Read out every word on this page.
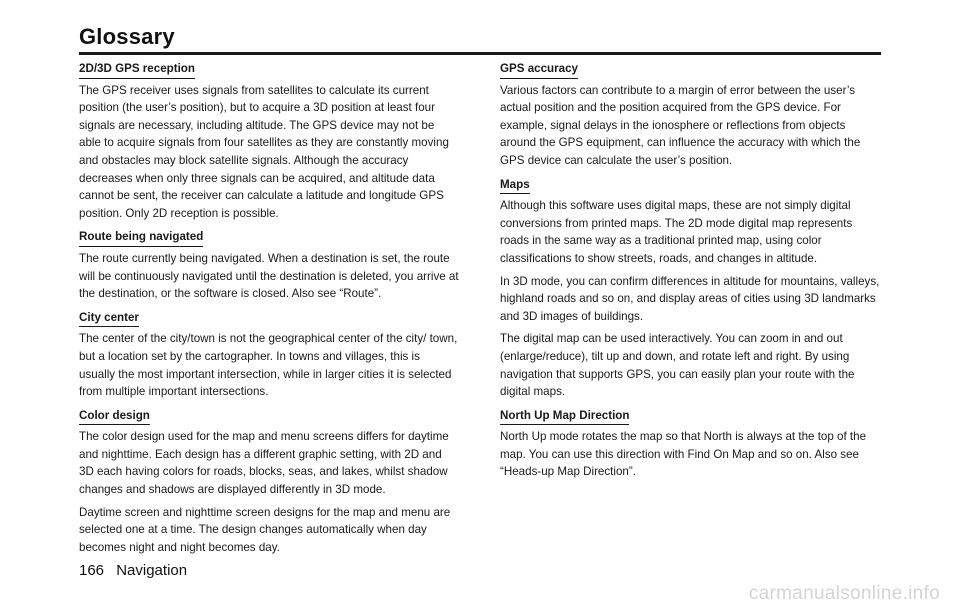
Glossary
2D/3D GPS reception

The GPS receiver uses signals from satellites to calculate its current position (the user’s position), but to acquire a 3D position at least four signals are necessary, including altitude. The GPS device may not be able to acquire signals from four satellites as they are constantly moving and obstacles may block satellite signals. Although the accuracy decreases when only three signals can be acquired, and altitude data cannot be sent, the receiver can calculate a latitude and longitude GPS position. Only 2D reception is possible.

Route being navigated

The route currently being navigated. When a destination is set, the route will be continuously navigated until the destination is deleted, you arrive at the destination, or the software is closed. Also see “Route”.

City center

The center of the city/town is not the geographical center of the city/ town, but a location set by the cartographer. In towns and villages, this is usually the most important intersection, while in larger cities it is selected from multiple important intersections.

Color design

The color design used for the map and menu screens differs for daytime and nighttime. Each design has a different graphic setting, with 2D and 3D each having colors for roads, blocks, seas, and lakes, whilst shadow changes and shadows are displayed differently in 3D mode.

Daytime screen and nighttime screen designs for the map and menu are selected one at a time. The design changes automatically when day becomes night and night becomes day.

GPS accuracy

Various factors can contribute to a margin of error between the user’s actual position and the position acquired from the GPS device. For example, signal delays in the ionosphere or reflections from objects around the GPS equipment, can influence the accuracy with which the GPS device can calculate the user’s position.

Maps

Although this software uses digital maps, these are not simply digital conversions from printed maps. The 2D mode digital map represents roads in the same way as a traditional printed map, using color classifications to show streets, roads, and changes in altitude.

In 3D mode, you can confirm differences in altitude for mountains, valleys, highland roads and so on, and display areas of cities using 3D landmarks and 3D images of buildings.

The digital map can be used interactively. You can zoom in and out (enlarge/reduce), tilt up and down, and rotate left and right. By using navigation that supports GPS, you can easily plan your route with the digital maps.

North Up Map Direction

North Up mode rotates the map so that North is always at the top of the map. You can use this direction with Find On Map and so on. Also see “Heads-up Map Direction”.

166 Navigation
carmanualsonline.info
